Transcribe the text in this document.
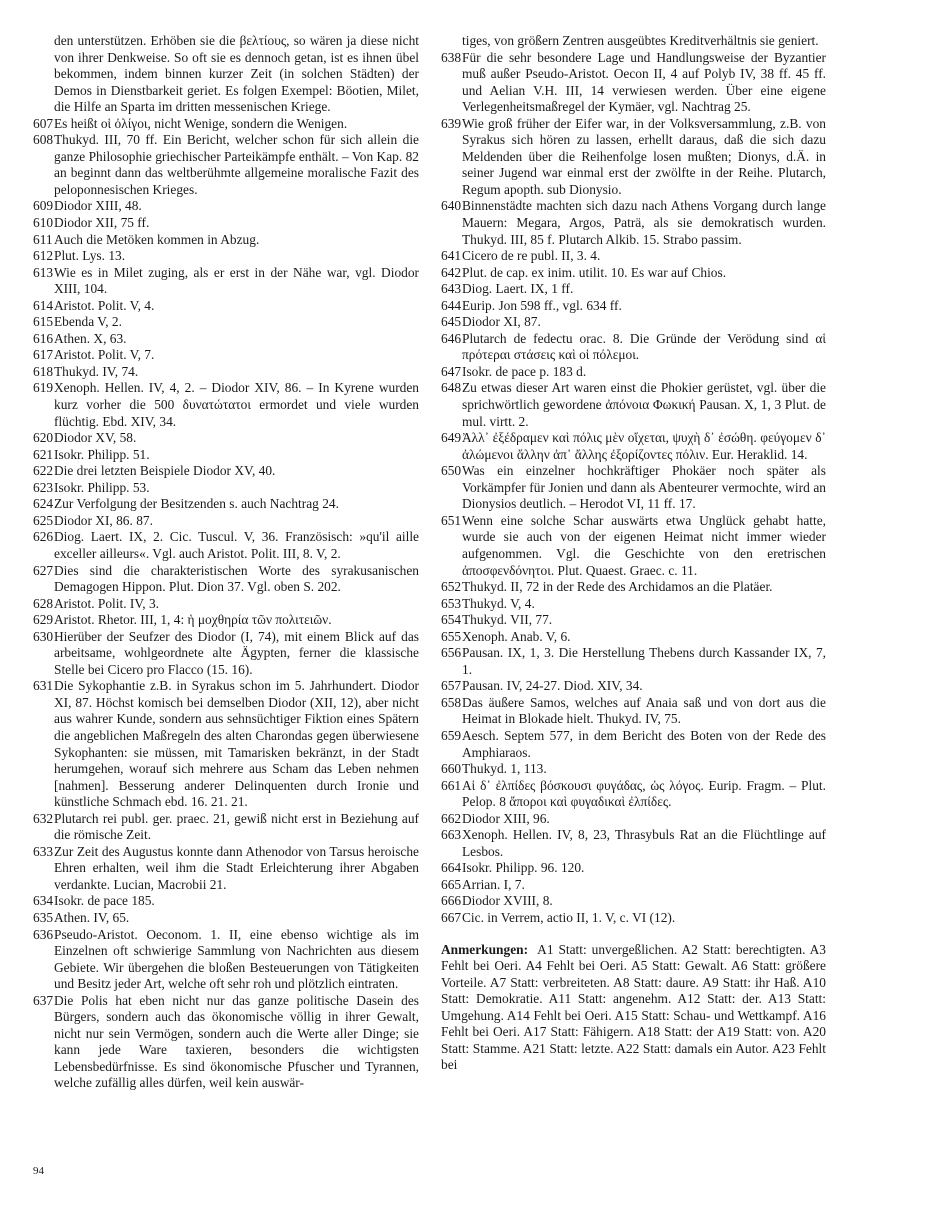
den unterstützen. Erhöben sie die βελτίους, so wären ja diese nicht von ihrer Denkweise. So oft sie es dennoch getan, ist es ihnen übel bekommen, indem binnen kurzer Zeit (in solchen Städten) der Demos in Dienstbarkeit geriet. Es folgen Exempel: Böotien, Milet, die Hilfe an Sparta im dritten messenischen Kriege.

607Es heißt οἱ ὀλίγοι, nicht Wenige, sondern die Wenigen.

608Thukyd. III, 70 ff. Ein Bericht, welcher schon für sich allein die ganze Philosophie griechischer Parteikämpfe enthält. – Von Kap. 82 an beginnt dann das weltberühmte allgemeine moralische Fazit des peloponnesischen Krieges.

609Diodor XIII, 48.

610Diodor XII, 75 ff.

611Auch die Metöken kommen in Abzug.

612Plut. Lys. 13.

613Wie es in Milet zuging, als er erst in der Nähe war, vgl. Diodor XIII, 104.

614Aristot. Polit. V, 4.

615Ebenda V, 2.

616Athen. X, 63.

617Aristot. Polit. V, 7.

618Thukyd. IV, 74.

619Xenoph. Hellen. IV, 4, 2. – Diodor XIV, 86. – In Kyrene wurden kurz vorher die 500 δυνατώτατοι ermordet und viele wurden flüchtig. Ebd. XIV, 34.

620Diodor XV, 58.

621Isokr. Philipp. 51.

622Die drei letzten Beispiele Diodor XV, 40.

623Isokr. Philipp. 53.

624Zur Verfolgung der Besitzenden s. auch Nachtrag 24.

625Diodor XI, 86. 87.

626Diog. Laert. IX, 2. Cic. Tuscul. V, 36. Französisch: »qu'il aille exceller ailleurs«. Vgl. auch Aristot. Polit. III, 8. V, 2.

627Dies sind die charakteristischen Worte des syrakusanischen Demagogen Hippon. Plut. Dion 37. Vgl. oben S. 202.

628Aristot. Polit. IV, 3.

629Aristot. Rhetor. III, 1, 4: ἡ μοχθηρία τῶν πολιτειῶν.

630Hierüber der Seufzer des Diodor (I, 74), mit einem Blick auf das arbeitsame, wohlgeordnete alte Ägypten, ferner die klassische Stelle bei Cicero pro Flacco (15. 16).

631Die Sykophantie z.B. in Syrakus schon im 5. Jahrhundert. Diodor XI, 87. Höchst komisch bei demselben Diodor (XII, 12), aber nicht aus wahrer Kunde, sondern aus sehnsüchtiger Fiktion eines Spätern die angeblichen Maßregeln des alten Charondas gegen überwiesene Sykophanten: sie müssen, mit Tamarisken bekränzt, in der Stadt herumgehen, worauf sich mehrere aus Scham das Leben nehmen [nahmen]. Besserung anderer Delinquenten durch Ironie und künstliche Schmach ebd. 16. 21. 21.

632Plutarch rei publ. ger. praec. 21, gewiß nicht erst in Beziehung auf die römische Zeit.

633Zur Zeit des Augustus konnte dann Athenodor von Tarsus heroische Ehren erhalten, weil ihm die Stadt Erleichterung ihrer Abgaben verdankte. Lucian, Macrobii 21.

634Isokr. de pace 185.

635Athen. IV, 65.

636Pseudo-Aristot. Oeconom. 1. II, eine ebenso wichtige als im Einzelnen oft schwierige Sammlung von Nachrichten aus diesem Gebiete. Wir übergehen die bloßen Besteuerungen von Tätigkeiten und Besitz jeder Art, welche oft sehr roh und plötzlich eintraten.

637Die Polis hat eben nicht nur das ganze politische Dasein des Bürgers, sondern auch das ökonomische völlig in ihrer Gewalt, nicht nur sein Vermögen, sondern auch die Werte aller Dinge; sie kann jede Ware taxieren, besonders die wichtigsten Lebensbedürfnisse. Es sind ökonomische Pfuscher und Tyrannen, welche zufällig alles dürfen, weil kein auswär-

tiges, von größern Zentren ausgeübtes Kreditverhältnis sie geniert.

638Für die sehr besondere Lage und Handlungsweise der Byzantier muß außer Pseudo-Aristot. Oecon II, 4 auf Polyb IV, 38 ff. 45 ff. und Aelian V.H. III, 14 verwiesen werden. Über eine eigene Verlegenheitsmaßregel der Kymäer, vgl. Nachtrag 25.

639Wie groß früher der Eifer war, in der Volksversammlung, z.B. von Syrakus sich hören zu lassen, erhellt daraus, daß die sich dazu Meldenden über die Reihenfolge losen mußten; Dionys, d.Ä. in seiner Jugend war einmal erst der zwölfte in der Reihe. Plutarch, Regum apopth. sub Dionysio.

640Binnenstädte machten sich dazu nach Athens Vorgang durch lange Mauern: Megara, Argos, Paträ, als sie demokratisch wurden. Thukyd. III, 85 f. Plutarch Alkib. 15. Strabo passim.

641Cicero de re publ. II, 3. 4.

642Plut. de cap. ex inim. utilit. 10. Es war auf Chios.

643Diog. Laert. IX, 1 ff.

644Eurip. Jon 598 ff., vgl. 634 ff.

645Diodor XI, 87.

646Plutarch de fedectu orac. 8. Die Gründe der Verödung sind αἱ πρότεραι στάσεις καὶ οἱ πόλεμοι.

647Isokr. de pace p. 183 d.

648Zu etwas dieser Art waren einst die Phokier gerüstet, vgl. über die sprichwörtlich gewordene ἀπόνοια Φωκική Pausan. X, 1, 3 Plut. de mul. virtt. 2.

649Ἀλλ᾽ ἐξέδραμεν καὶ πόλις μὲν οἴχεται, ψυχὴ δ᾽ ἐσώθη. φεύγομεν δ᾽ ἀλώμενοι ἄλλην ἀπ᾽ ἄλλης ἐξορίζοντες πόλιν. Eur. Heraklid. 14.

650Was ein einzelner hochkräftiger Phokäer noch später als Vorkämpfer für Jonien und dann als Abenteurer vermochte, wird an Dionysios deutlich. – Herodot VI, 11 ff. 17.

651Wenn eine solche Schar auswärts etwa Unglück gehabt hatte, wurde sie auch von der eigenen Heimat nicht immer wieder aufgenommen. Vgl. die Geschichte von den eretrischen ἀποσφενδόνητοι. Plut. Quaest. Graec. c. 11.

652Thukyd. II, 72 in der Rede des Archidamos an die Platäer.

653Thukyd. V, 4.

654Thukyd. VII, 77.

655Xenoph. Anab. V, 6.

656Pausan. IX, 1, 3. Die Herstellung Thebens durch Kassander IX, 7, 1.

657Pausan. IV, 24-27. Diod. XIV, 34.

658Das äußere Samos, welches auf Anaia saß und von dort aus die Heimat in Blokade hielt. Thukyd. IV, 75.

659Aesch. Septem 577, in dem Bericht des Boten von der Rede des Amphiaraos.

660Thukyd. 1, 113.

661Αἱ δ᾽ ἐλπίδες βόσκουσι φυγάδας, ὡς λόγος. Eurip. Fragm. – Plut. Pelop. 8 ἄποροι καὶ φυγαδικαὶ ἐλπίδες.

662Diodor XIII, 96.

663Xenoph. Hellen. IV, 8, 23, Thrasybuls Rat an die Flüchtlinge auf Lesbos.

664Isokr. Philipp. 96. 120.

665Arrian. I, 7.

666Diodor XVIII, 8.

667Cic. in Verrem, actio II, 1. V, c. VI (12).

Anmerkungen: A1 Statt: unvergeßlichen. A2 Statt: berechtigten. A3 Fehlt bei Oeri. A4 Fehlt bei Oeri. A5 Statt: Gewalt. A6 Statt: größere Vorteile. A7 Statt: verbreiteten. A8 Statt: daure. A9 Statt: ihr Haß. A10 Statt: Demokratie. A11 Statt: angenehm. A12 Statt: der. A13 Statt: Umgehung. A14 Fehlt bei Oeri. A15 Statt: Schau- und Wettkampf. A16 Fehlt bei Oeri. A17 Statt: Fähigern. A18 Statt: der A19 Statt: von. A20 Statt: Stamme. A21 Statt: letzte. A22 Statt: damals ein Autor. A23 Fehlt bei

94
